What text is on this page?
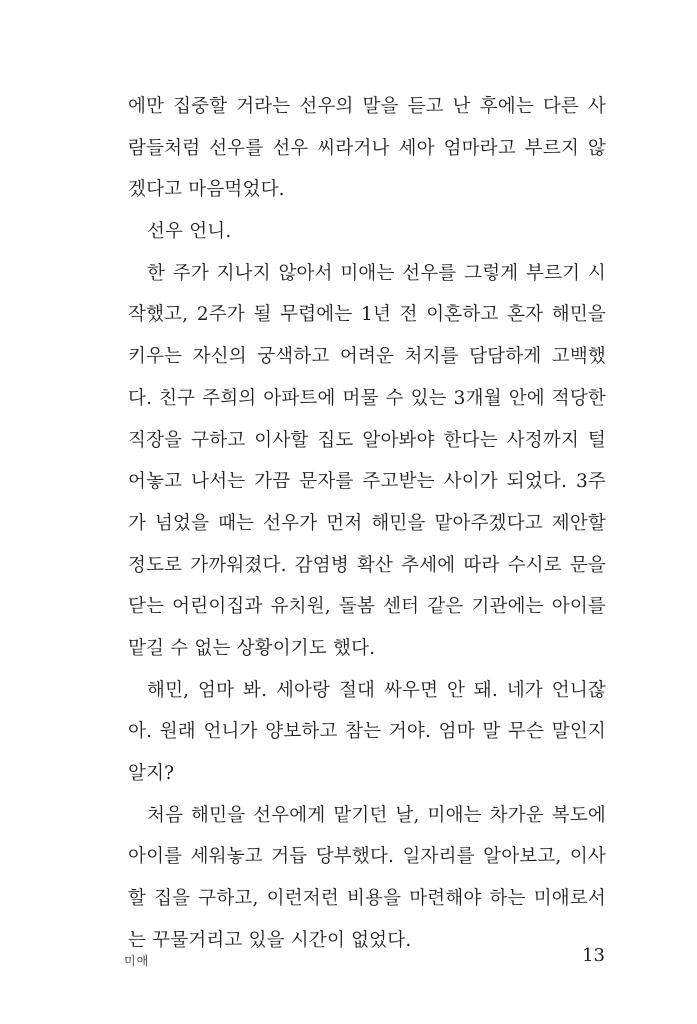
에만 집중할 거라는 선우의 말을 듣고 난 후에는 다른 사
람들처럼 선우를 선우 씨라거나 세아 엄마라고 부르지 않
겠다고 마음먹었다.
선우 언니.
한 주가 지나지 않아서 미애는 선우를 그렇게 부르기 시
작했고, 2주가 될 무렵에는 1년 전 이혼하고 혼자 해민을
키우는 자신의 궁색하고 어려운 처지를 담담하게 고백했
다. 친구 주희의 아파트에 머물 수 있는 3개월 안에 적당한
직장을 구하고 이사할 집도 알아봐야 한다는 사정까지 털
어놓고 나서는 가끔 문자를 주고받는 사이가 되었다. 3주
가 넘었을 때는 선우가 먼저 해민을 맡아주겠다고 제안할
정도로 가까워졌다. 감염병 확산 추세에 따라 수시로 문을
닫는 어린이집과 유치원, 돌봄 센터 같은 기관에는 아이를
맡길 수 없는 상황이기도 했다.
해민, 엄마 봐. 세아랑 절대 싸우면 안 돼. 네가 언니잖
아. 원래 언니가 양보하고 참는 거야. 엄마 말 무슨 말인지
알지?
처음 해민을 선우에게 맡기던 날, 미애는 차가운 복도에
아이를 세워놓고 거듭 당부했다. 일자리를 알아보고, 이사
할 집을 구하고, 이런저런 비용을 마련해야 하는 미애로서
는 꾸물거리고 있을 시간이 없었다.
미애	13
